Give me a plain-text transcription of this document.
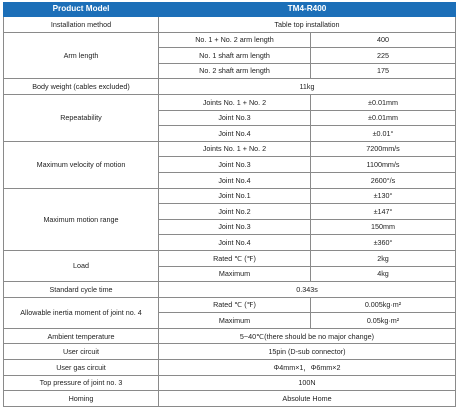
Product Model	TM4-R400	
Installation method	Table top installation	
Arm length	No. 1 + No. 2 arm length	400
	No. 1 shaft arm length	225
	No. 2 shaft arm length	175
Body weight (cables excluded)	11kg	
Repeatability	Joints No. 1 + No. 2	±0.01mm
	Joint No.3	±0.01mm
	Joint No.4	±0.01°
Maximum velocity of motion	Joints No. 1 + No. 2	7200mm/s
	Joint No.3	1100mm/s
	Joint No.4	2600°/s
Maximum motion range	Joint No.1	±130°
	Joint No.2	±147°
	Joint No.3	150mm
	Joint No.4	±360°
Load	Rated ℃ (℉)	2kg
	Maximum	4kg
Standard cycle time	0.343s	
Allowable inertia moment of joint no. 4	Rated ℃ (℉)	0.005kg·m²
	Maximum	0.05kg·m²
Ambient temperature	5~40℃(there should be no major change)	
User circuit	15pin (D-sub connector)	
User gas circuit	Φ4mm×1，Φ6mm×2	
Top pressure of joint no. 3	100N	
Homing	Absolute Home	
